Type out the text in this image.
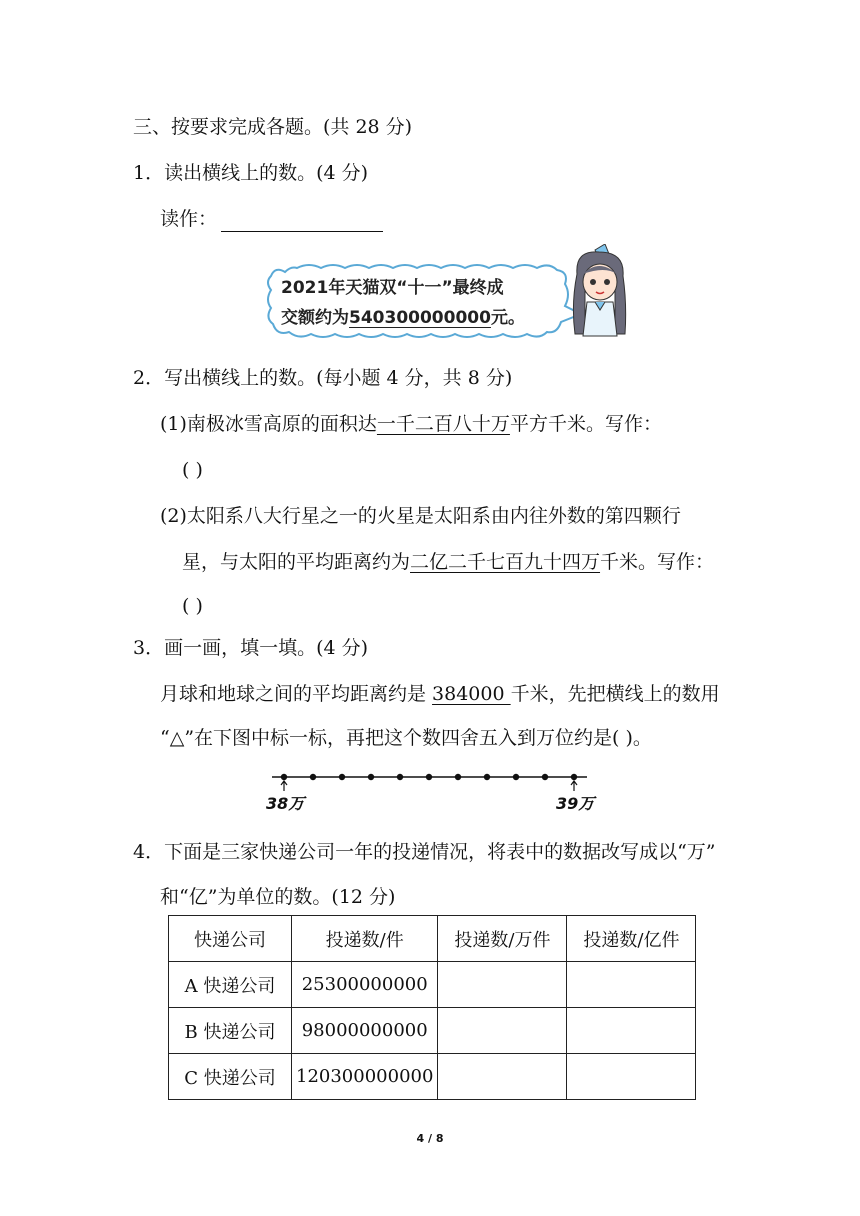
三、按要求完成各题。(共 28 分)
1．读出横线上的数。(4 分)
读作：
2021年天猫双“十一”最终成
交额约为540300000000元。
2．写出横线上的数。(每小题 4 分，共 8 分)
(1)南极冰雪高原的面积达一千二百八十万平方千米。写作：
( )
(2)太阳系八大行星之一的火星是太阳系由内往外数的第四颗行
星，与太阳的平均距离约为二亿二千七百九十四万千米。写作：
( )
3．画一画，填一填。(4 分)
月球和地球之间的平均距离约是 384000 千米，先把横线上的数用
“△”在下图中标一标，再把这个数四舍五入到万位约是( )。
38万	39万
4．下面是三家快递公司一年的投递情况，将表中的数据改写成以“万”
和“亿”为单位的数。(12 分)
快递公司	投递数/件	投递数/万件	投递数/亿件
A 快递公司	25300000000		
B 快递公司	98000000000		
C 快递公司	120300000000		
4 / 8
